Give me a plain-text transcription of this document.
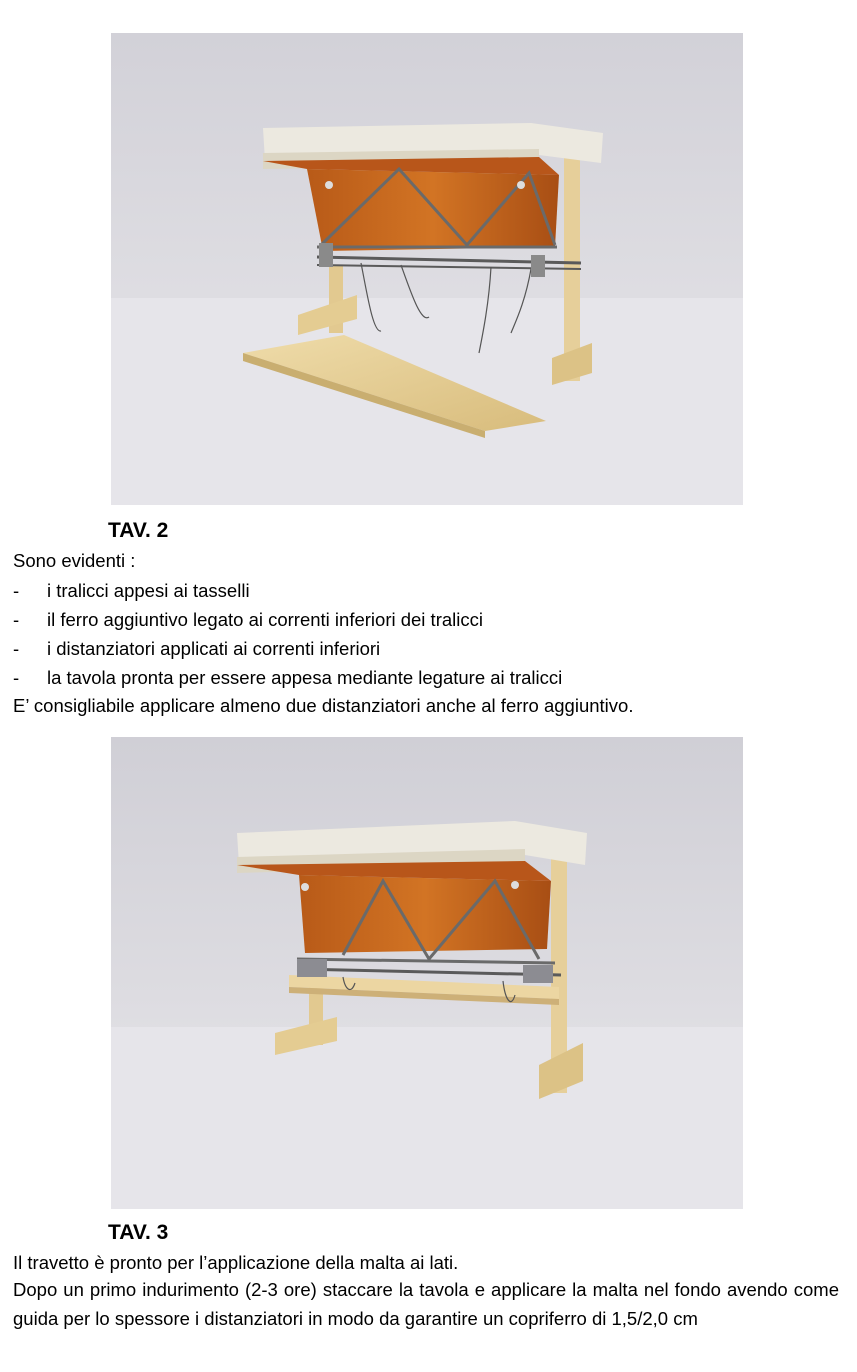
TAV. 2
Sono evidenti :
- i tralicci appesi ai tasselli
- il ferro aggiuntivo legato ai correnti inferiori dei tralicci
- i distanziatori applicati ai correnti inferiori
- la tavola pronta per essere appesa mediante legature ai tralicci
E’ consigliabile applicare almeno due distanziatori anche al ferro aggiuntivo.
TAV. 3
Il travetto è pronto per l’applicazione della malta ai lati.
Dopo un primo indurimento (2-3 ore) staccare la tavola e applicare la malta nel fondo avendo come guida per lo spessore i distanziatori in modo da garantire un copriferro di 1,5/2,0 cm
